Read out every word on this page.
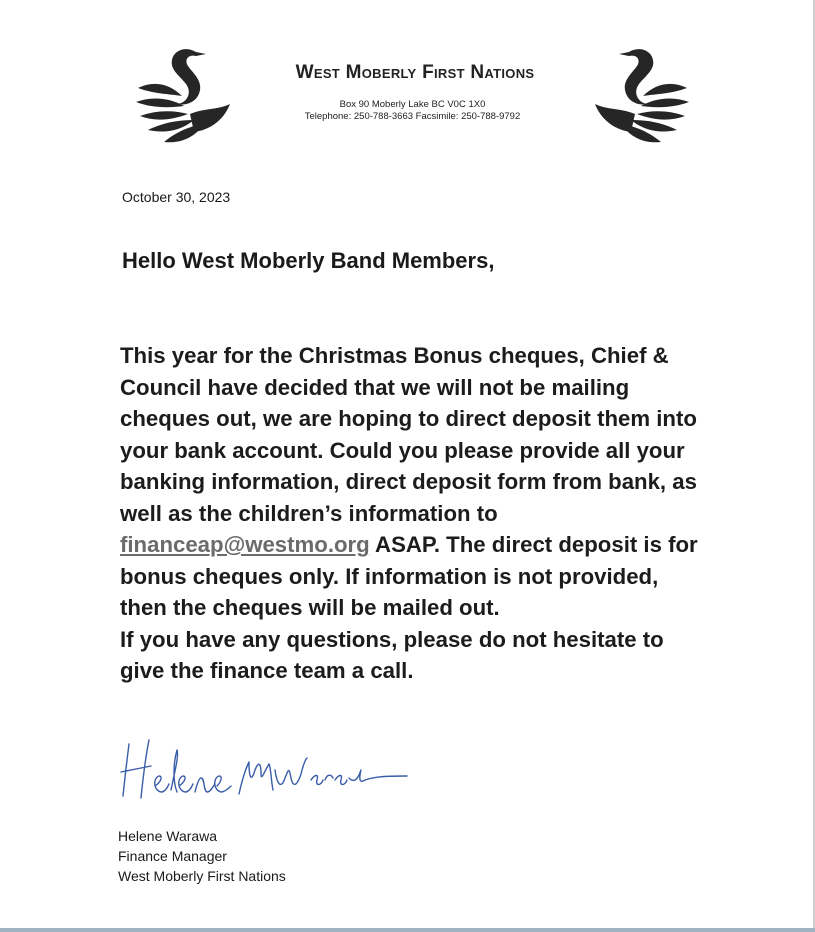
West Moberly First Nations
Box 90 Moberly Lake BC V0C 1X0
Telephone: 250-788-3663 Facsimile: 250-788-9792
October 30, 2023
Hello West Moberly Band Members,

This year for the Christmas Bonus cheques, Chief & Council have decided that we will not be mailing cheques out, we are hoping to direct deposit them into your bank account. Could you please provide all your banking information, direct deposit form from bank, as well as the children’s information to financeap@westmo.org ASAP. The direct deposit is for bonus cheques only. If information is not provided, then the cheques will be mailed out.

If you have any questions, please do not hesitate to give the finance team a call.

Helene Warawa
Finance Manager
West Moberly First Nations
